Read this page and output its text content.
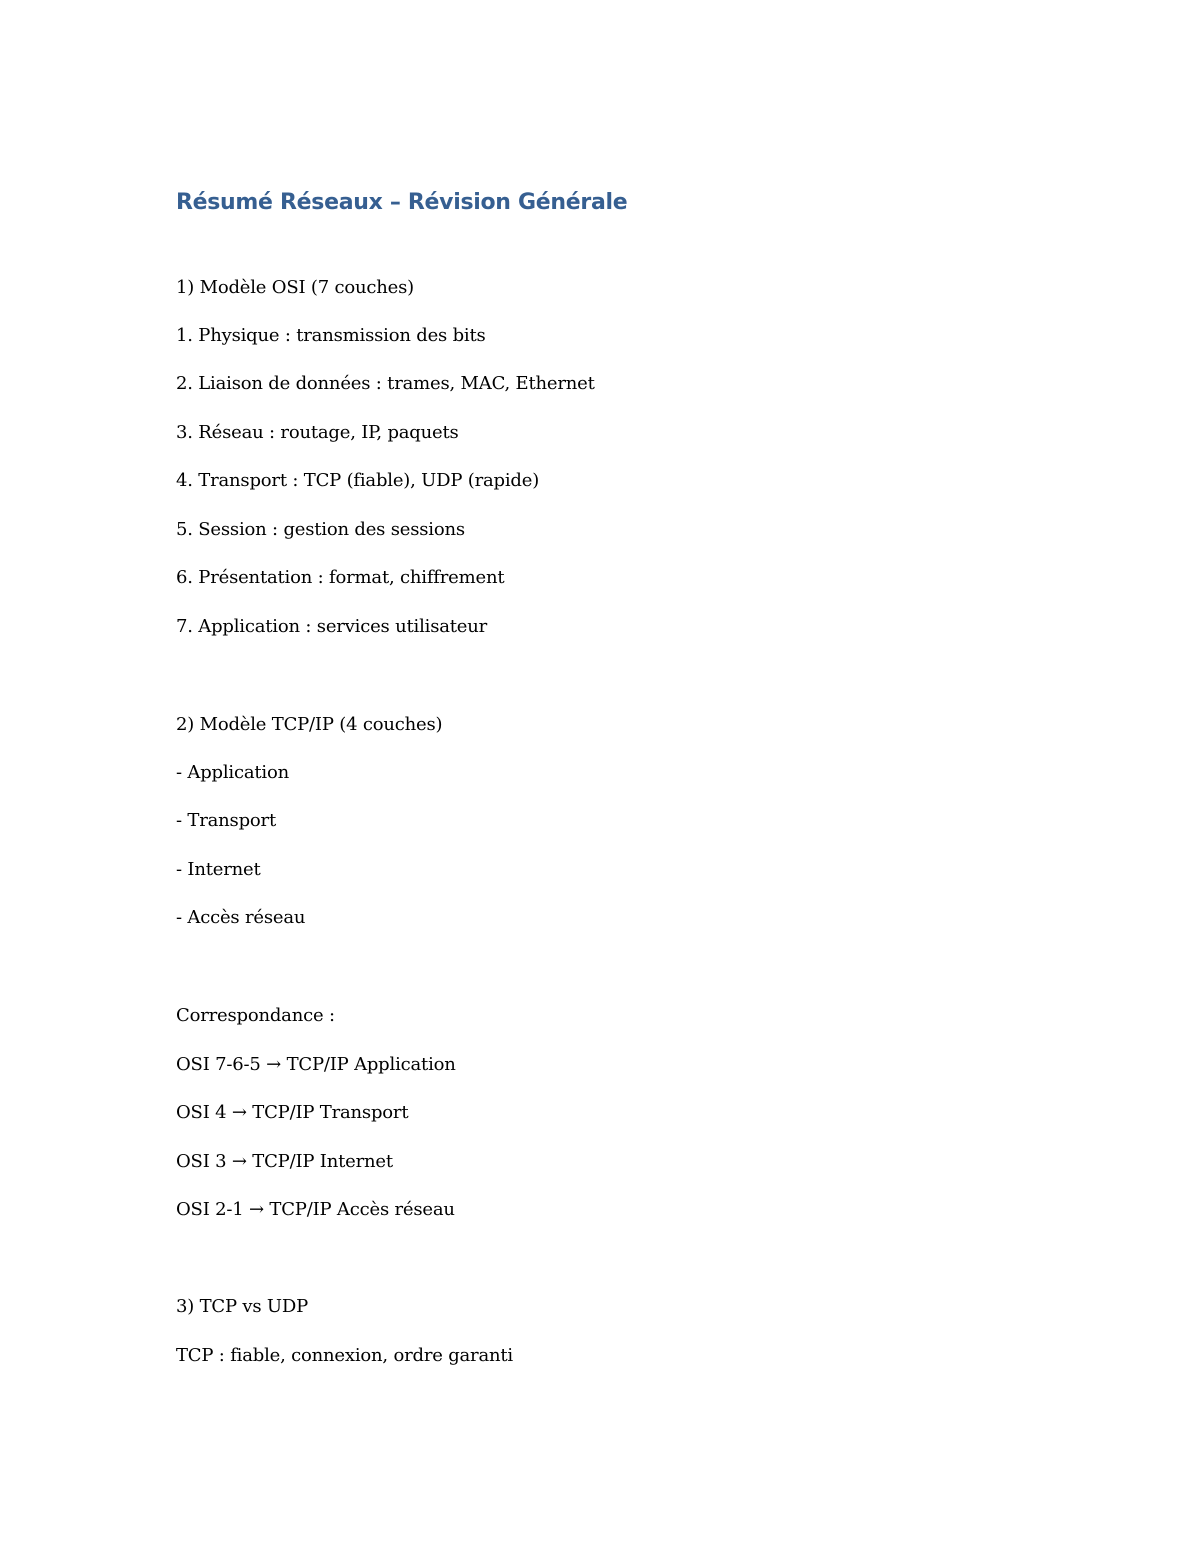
Résumé Réseaux – Révision Générale
1) Modèle OSI (7 couches)
1. Physique : transmission des bits
2. Liaison de données : trames, MAC, Ethernet
3. Réseau : routage, IP, paquets
4. Transport : TCP (fiable), UDP (rapide)
5. Session : gestion des sessions
6. Présentation : format, chiffrement
7. Application : services utilisateur
2) Modèle TCP/IP (4 couches)
- Application
- Transport
- Internet
- Accès réseau
Correspondance :
OSI 7-6-5 → TCP/IP Application
OSI 4 → TCP/IP Transport
OSI 3 → TCP/IP Internet
OSI 2-1 → TCP/IP Accès réseau
3) TCP vs UDP
TCP : fiable, connexion, ordre garanti
